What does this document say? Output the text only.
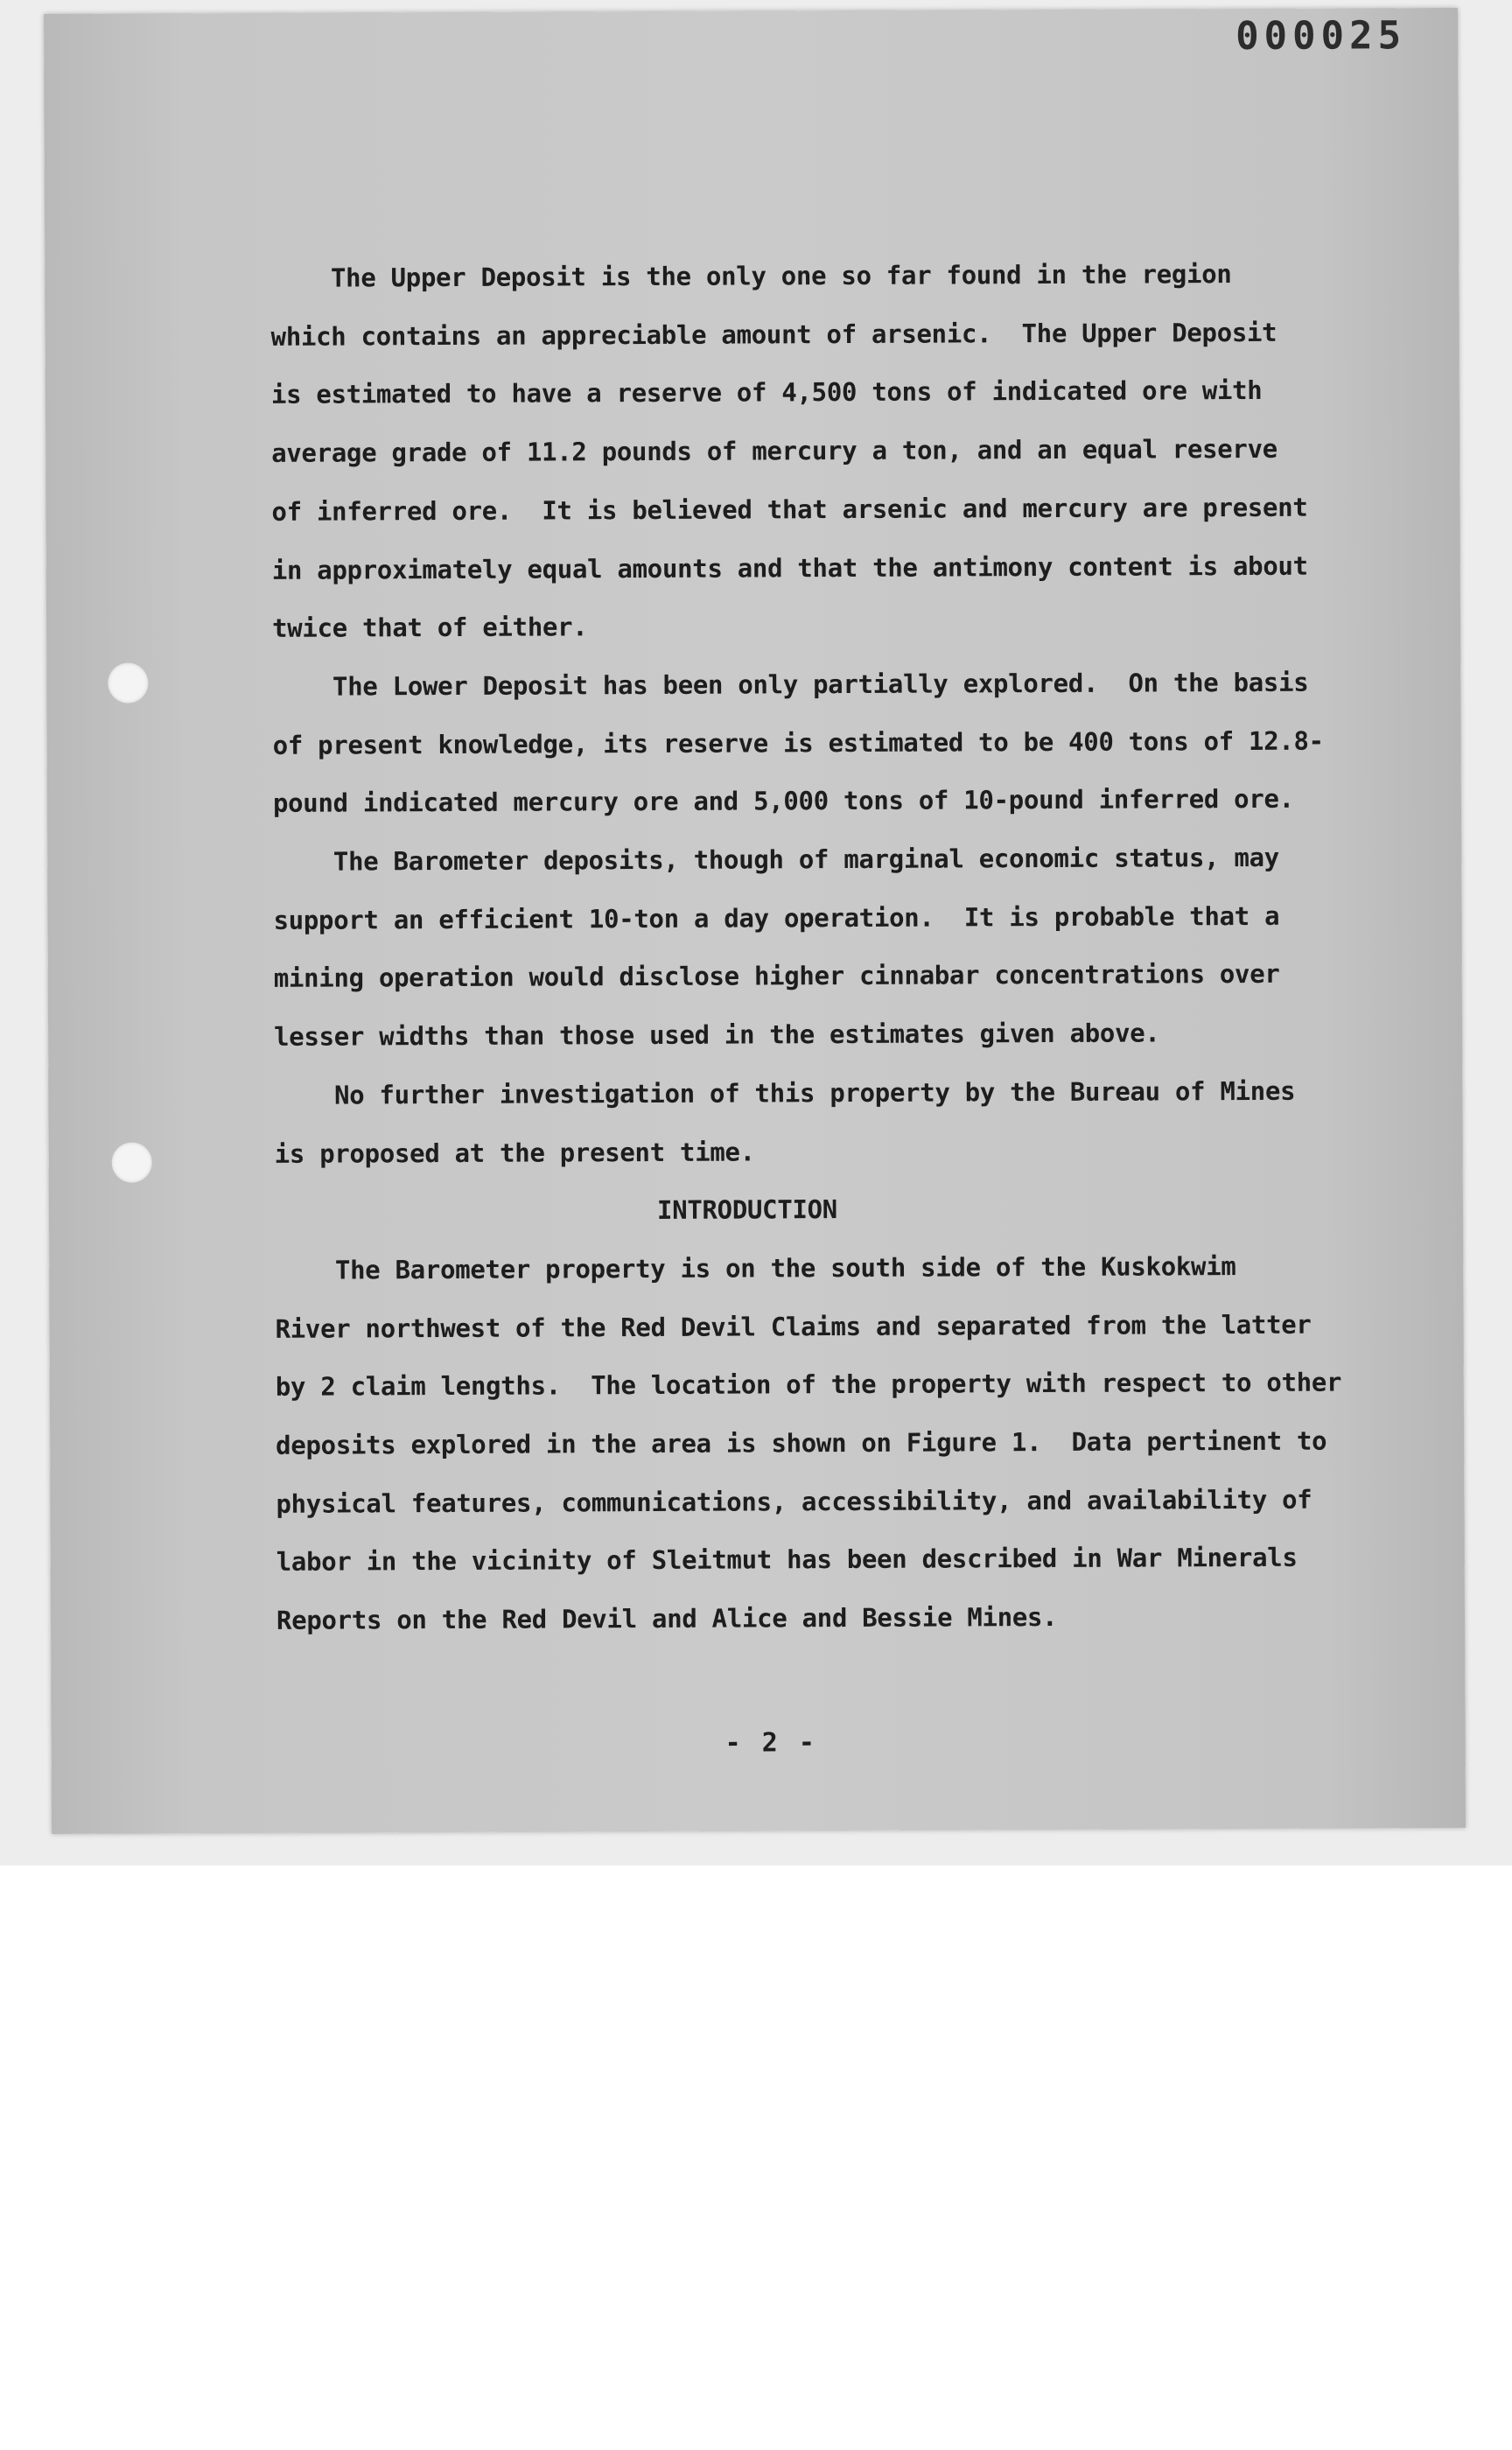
000025

The Upper Deposit is the only one so far found in the region

which contains an appreciable amount of arsenic.  The Upper Deposit

is estimated to have a reserve of 4,500 tons of indicated ore with

average grade of 11.2 pounds of mercury a ton, and an equal reserve

of inferred ore.  It is believed that arsenic and mercury are present

in approximately equal amounts and that the antimony content is about

twice that of either.

The Lower Deposit has been only partially explored.  On the basis

of present knowledge, its reserve is estimated to be 400 tons of 12.8-

pound indicated mercury ore and 5,000 tons of 10-pound inferred ore.

The Barometer deposits, though of marginal economic status, may

support an efficient 10-ton a day operation.  It is probable that a

mining operation would disclose higher cinnabar concentrations over

lesser widths than those used in the estimates given above.

No further investigation of this property by the Bureau of Mines

is proposed at the present time.

INTRODUCTION

The Barometer property is on the south side of the Kuskokwim

River northwest of the Red Devil Claims and separated from the latter

by 2 claim lengths.  The location of the property with respect to other

deposits explored in the area is shown on Figure 1.  Data pertinent to

physical features, communications, accessibility, and availability of

labor in the vicinity of Sleitmut has been described in War Minerals

Reports on the Red Devil and Alice and Bessie Mines.

- 2 -
